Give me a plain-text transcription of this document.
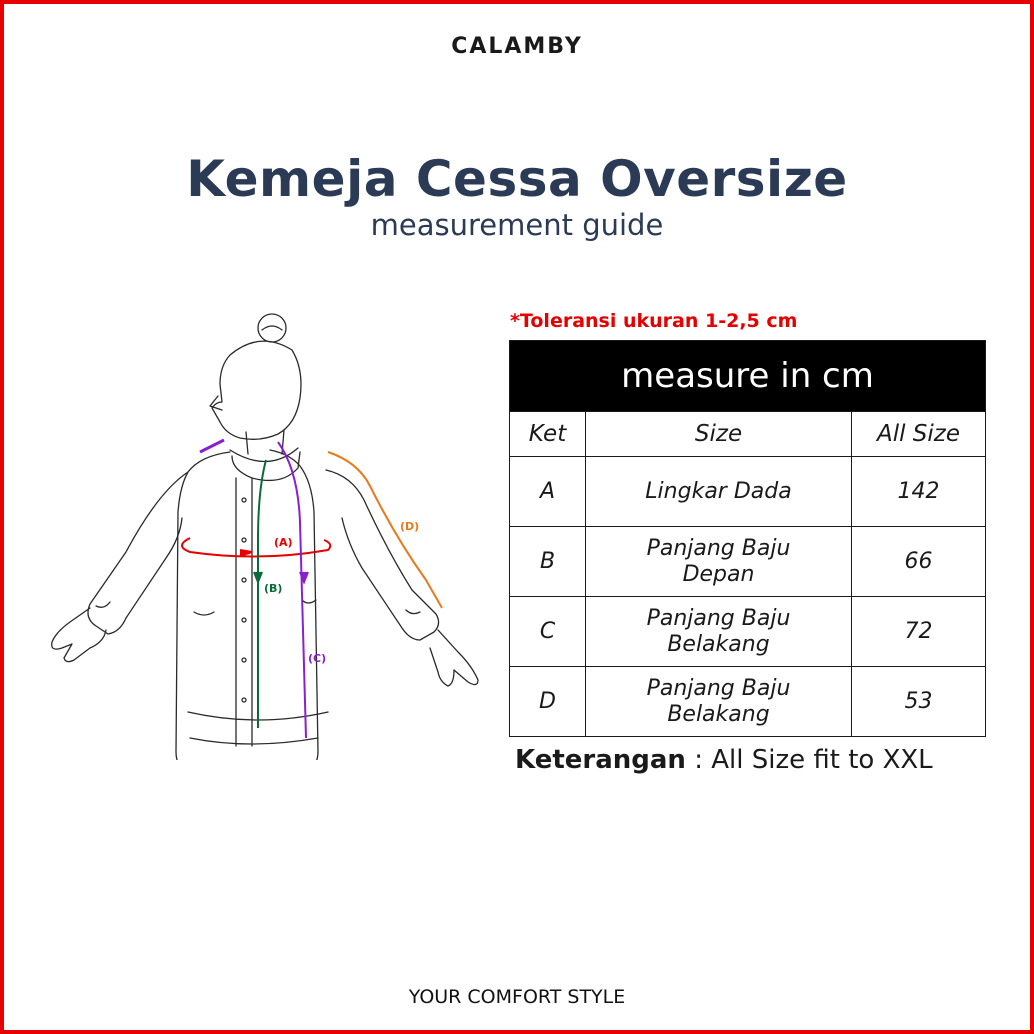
CALAMBY
Kemeja Cessa Oversize
measurement guide
(A)
(B)
(C)
(D)
*Toleransi ukuran 1-2,5 cm
measure in cm		
Ket	Size	All Size
A	Lingkar Dada	142
B	Panjang Baju Depan	66
C	Panjang Baju Belakang	72
D	Panjang Baju Belakang	53
Keterangan : All Size fit to XXL
YOUR COMFORT STYLE
